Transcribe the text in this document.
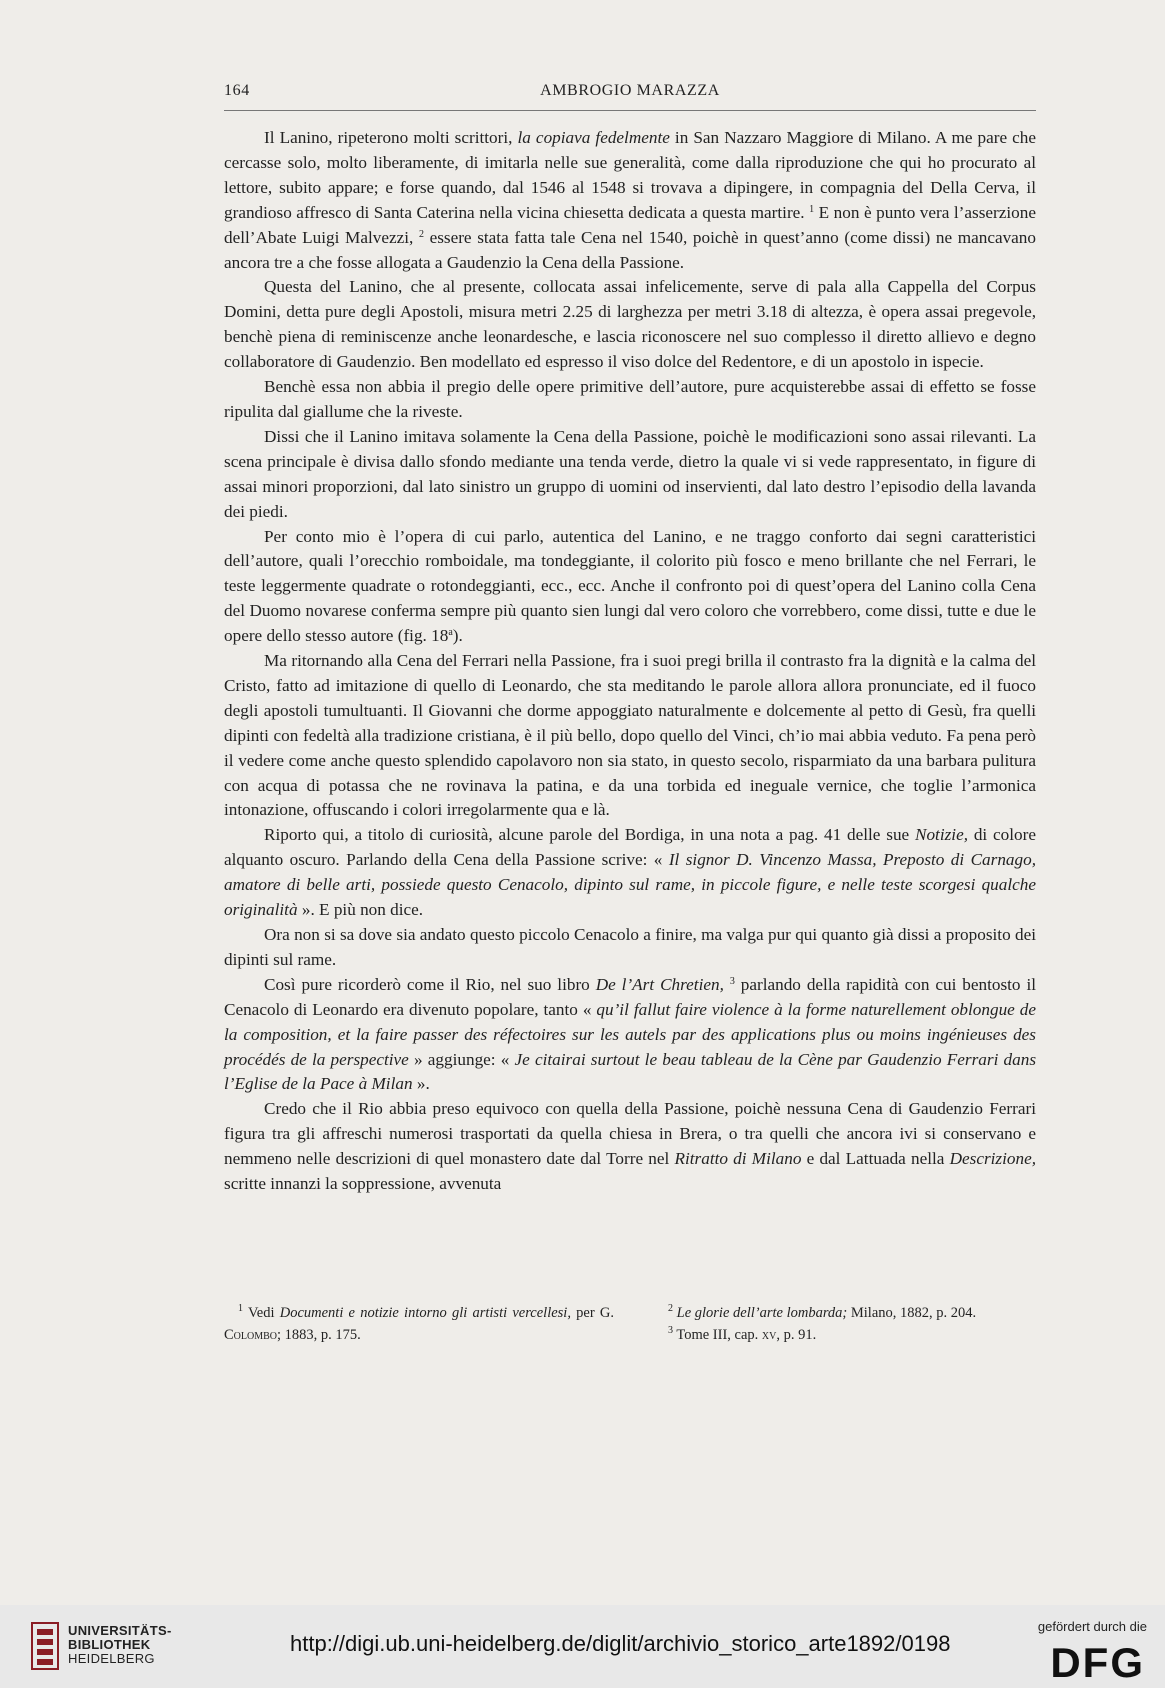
164	AMBROGIO MARAZZA

Il Lanino, ripeterono molti scrittori, la copiava fedelmente in San Nazzaro Maggiore di Milano. A me pare che cercasse solo, molto liberamente, di imitarla nelle sue generalità, come dalla riproduzione che qui ho procurato al lettore, subito appare; e forse quando, dal 1546 al 1548 si trovava a dipingere, in compagnia del Della Cerva, il grandioso affresco di Santa Caterina nella vicina chiesetta dedicata a questa martire. $^1$ E non è punto vera l’asserzione dell’Abate Luigi Malvezzi, $^2$ essere stata fatta tale Cena nel 1540, poichè in quest’anno (come dissi) ne mancavano ancora tre a che fosse allogata a Gaudenzio la Cena della Passione.

Questa del Lanino, che al presente, collocata assai infelicemente, serve di pala alla Cappella del Corpus Domini, detta pure degli Apostoli, misura metri 2.25 di larghezza per metri 3.18 di altezza, è opera assai pregevole, benchè piena di reminiscenze anche leonardesche, e lascia riconoscere nel suo complesso il diretto allievo e degno collaboratore di Gaudenzio. Ben modellato ed espresso il viso dolce del Redentore, e di un apostolo in ispecie.

Benchè essa non abbia il pregio delle opere primitive dell’autore, pure acquisterebbe assai di effetto se fosse ripulita dal giallume che la riveste.

Dissi che il Lanino imitava solamente la Cena della Passione, poichè le modificazioni sono assai rilevanti. La scena principale è divisa dallo sfondo mediante una tenda verde, dietro la quale vi si vede rappresentato, in figure di assai minori proporzioni, dal lato sinistro un gruppo di uomini od inservienti, dal lato destro l’episodio della lavanda dei piedi.

Per conto mio è l’opera di cui parlo, autentica del Lanino, e ne traggo conforto dai segni caratteristici dell’autore, quali l’orecchio romboidale, ma tondeggiante, il colorito più fosco e meno brillante che nel Ferrari, le teste leggermente quadrate o rotondeggianti, ecc., ecc. Anche il confronto poi di quest’opera del Lanino colla Cena del Duomo novarese conferma sempre più quanto sien lungi dal vero coloro che vorrebbero, come dissi, tutte e due le opere dello stesso autore (fig. 18$^a$).

Ma ritornando alla Cena del Ferrari nella Passione, fra i suoi pregi brilla il contrasto fra la dignità e la calma del Cristo, fatto ad imitazione di quello di Leonardo, che sta meditando le parole allora allora pronunciate, ed il fuoco degli apostoli tumultuanti. Il Giovanni che dorme appoggiato naturalmente e dolcemente al petto di Gesù, fra quelli dipinti con fedeltà alla tradizione cristiana, è il più bello, dopo quello del Vinci, ch’io mai abbia veduto. Fa pena però il vedere come anche questo splendido capolavoro non sia stato, in questo secolo, risparmiato da una barbara pulitura con acqua di potassa che ne rovinava la patina, e da una torbida ed ineguale vernice, che toglie l’armonica intonazione, offuscando i colori irregolarmente qua e là.

Riporto qui, a titolo di curiosità, alcune parole del Bordiga, in una nota a pag. 41 delle sue Notizie, di colore alquanto oscuro. Parlando della Cena della Passione scrive: « Il signor D. Vincenzo Massa, Preposto di Carnago, amatore di belle arti, possiede questo Cenacolo, dipinto sul rame, in piccole figure, e nelle teste scorgesi qualche originalità ». E più non dice.

Ora non si sa dove sia andato questo piccolo Cenacolo a finire, ma valga pur qui quanto già dissi a proposito dei dipinti sul rame.

Così pure ricorderò come il Rio, nel suo libro De l’Art Chretien, $^3$ parlando della rapidità con cui bentosto il Cenacolo di Leonardo era divenuto popolare, tanto « qu’il fallut faire violence à la forme naturellement oblongue de la composition, et la faire passer des réfectoires sur les autels par des applications plus ou moins ingénieuses des procédés de la perspective » aggiunge: « Je citairai surtout le beau tableau de la Cène par Gaudenzio Ferrari dans l’Eglise de la Pace à Milan ».

Credo che il Rio abbia preso equivoco con quella della Passione, poichè nessuna Cena di Gaudenzio Ferrari figura tra gli affreschi numerosi trasportati da quella chiesa in Brera, o tra quelli che ancora ivi si conservano e nemmeno nelle descrizioni di quel monastero date dal Torre nel Ritratto di Milano e dal Lattuada nella Descrizione, scritte innanzi la soppressione, avvenuta

$^1$ Vedi Documenti e notizie intorno gli artisti vercellesi, per G. Colombo; 1883, p. 175.

$^2$ Le glorie dell’arte lombarda; Milano, 1882, p. 204.

$^3$ Tome III, cap. xv, p. 91.

UNIVERSITÄTS-
BIBLIOTHEK
HEIDELBERG
http://digi.ub.uni-heidelberg.de/diglit/archivio_storico_arte1892/0198
gefördert durch die
DFG
